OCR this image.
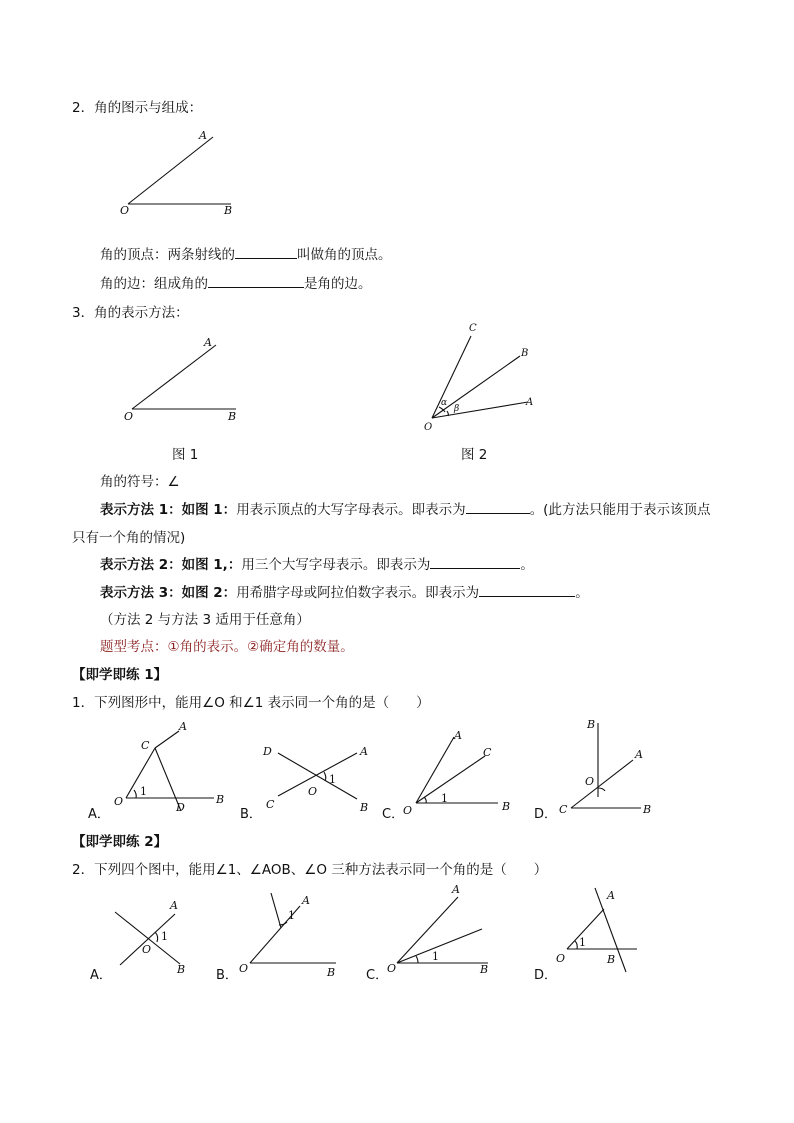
2．角的图示与组成：
A
O	B
角的顶点：两条射线的	叫做角的顶点。
角的边：组成角的	是角的边。
3．角的表示方法：
A
O	B
图 1
C
B
A
O
α
β
图 2
角的符号：∠
表示方法 1：如图 1：用表示顶点的大写字母表示。即表示为	。(此方法只能用于表示该顶点
只有一个角的情况)
表示方法 2：如图 1,：用三个大写字母表示。即表示为	。
表示方法 3：如图 2：用希腊字母或阿拉伯数字表示。即表示为	。
（方法 2 与方法 3 适用于任意角）
题型考点：①角的表示。②确定角的数量。
【即学即练 1】
1．下列图形中，能用∠O 和∠1 表示同一个角的是（　　）
A．
A
C
O
1
D
B
B．
D	A
1
O
C	B C．
A
C
O
1
B
D．
B
A
O
C	B
【即学即练 2】
2．下列四个图中，能用∠1、∠AOB、∠O 三种方法表示同一个角的是（　　）
A．
A
1
O
B B．
1
A
O	B C．
A
1
O	B	D．
A
1
O	B
